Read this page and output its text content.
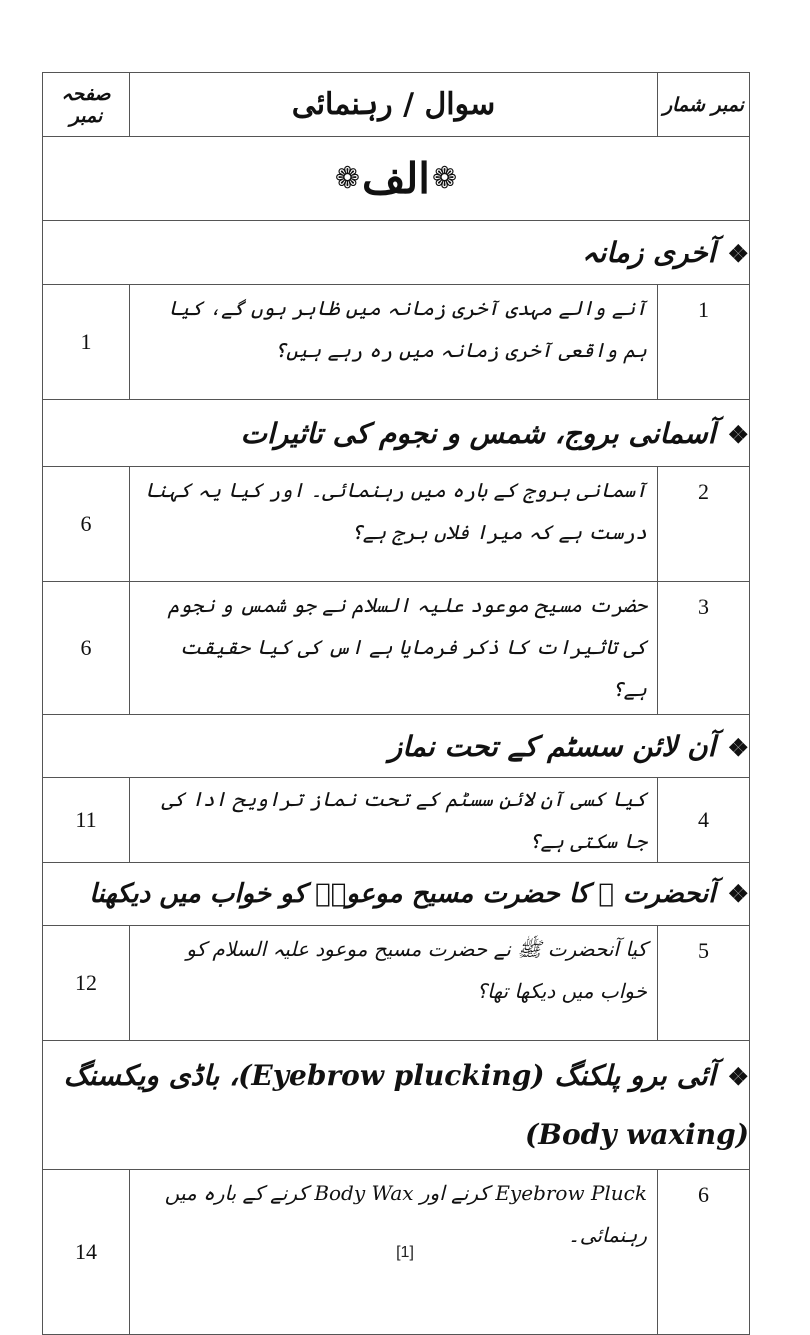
صفحہ نمبر	سوال / رہنمائی	نمبر شمار

❁ الف ❁		

❖آخری زمانہ		
1	آنے والے مہدی آخری زمانہ میں ظاہر ہوں گے، کیا ہم واقعی آخری زمانہ میں رہ رہے ہیں؟	1
❖آسمانی بروج، شمس و نجوم کی تاثیرات		
6	آسمانی بروج کے بارہ میں رہنمائی۔ اور کیا یہ کہنا درست ہے کہ میرا فلاں برج ہے؟	2
6	حضرت مسیح موعود علیہ السلام نے جو شمس و نجوم کی تاثیرات کا ذکر فرمایا ہے اس کی کیا حقیقت ہے؟	3
❖آن لائن سسٹم کے تحت نماز		
11	کیا کسی آن لائن سسٹم کے تحت نماز تراویح ادا کی جا سکتی ہے؟	4
❖آنحضرت ﷺ کا حضرت مسیح موعودؑ کو خواب میں دیکھنا		
12	کیا آنحضرت ﷺ نے حضرت مسیح موعود علیہ السلام کو خواب میں دیکھا تھا؟	5
❖آئی برو پلکنگ (Eyebrow plucking)، باڈی ویکسنگ (Body waxing)		
14	Eyebrow Pluck کرنے اور Body Wax کرنے کے بارہ میں رہنمائی۔	6
[1]
